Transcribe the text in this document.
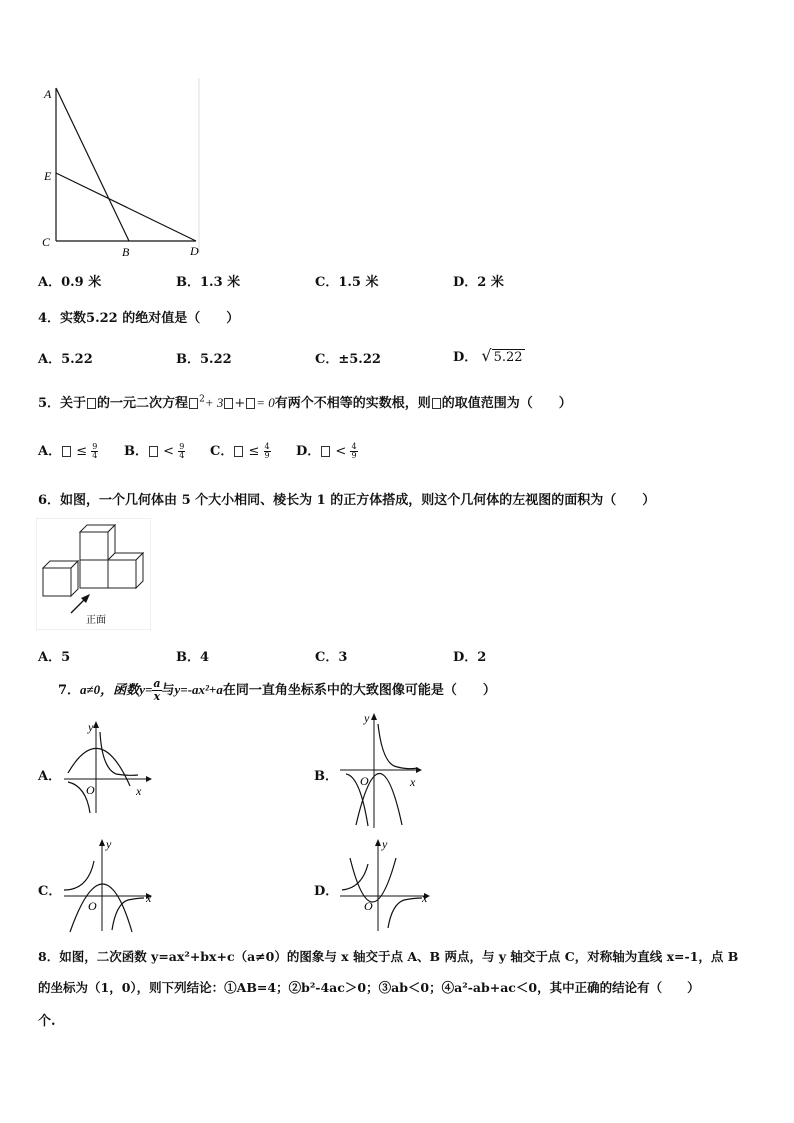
A
E
C
B	D
A．0.9 米	B．1.3 米	C．1.5 米	D．2 米
4．实数5.22 的绝对值是（　　）
A．5.22	B．5.22	C．±5.22	D． √ 5.22
5．关于 的一元二次方程 $^2$+ 3 + = 0有两个不相等的实数根，则 的取值范围为（　　）
A． ≤ $\frac{9}{4}$ B． < $\frac{9}{4}$ C． ≤ $\frac{4}{9}$ D． < $\frac{4}{9}$
6．如图，一个几何体由 5 个大小相同、棱长为 1 的正方体搭成，则这个几何体的左视图的面积为（　　）
正面
A．5	B．4	C．3	D．2
7．a≠0，函数$y= \frac{a}{x}$ 与y=-ax²+a在同一直角坐标系中的大致图像可能是（　　）
A．
y
O	x
B．
y
O	x
C．
y
O
x	D．
y
O
x
8．如图，二次函数 y=ax²+bx+c（a≠0）的图象与 x 轴交于点 A、B 两点，与 y 轴交于点 C，对称轴为直线 x=-1，点 B
的坐标为（1，0），则下列结论：①AB=4；②b²-4ac＞0；③ab＜0；④a²-ab+ac＜0，其中正确的结论有（　　）
个.
